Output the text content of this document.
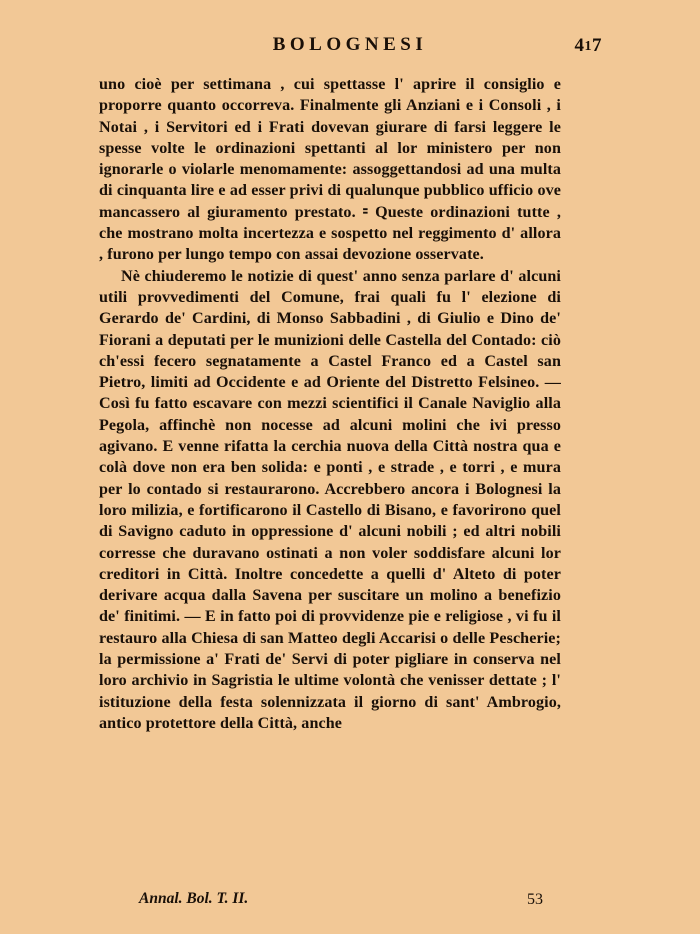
BOLOGNESI	417

uno cioè per settimana , cui spettasse l' aprire il consiglio e proporre quanto occorreva. Finalmente gli Anziani e i Consoli , i Notai , i Servitori ed i Frati dovevan giurare di farsi leggere le spesse volte le ordinazioni spettanti al lor ministero per non ignorarle o violarle menomamente: assoggettandosi ad una multa di cinquanta lire e ad esser privi di qualunque pubblico ufficio ove mancassero al giuramento prestato. ⹀ Queste ordinazioni tutte , che mostrano molta incertezza e sospetto nel reggimento d' allora , furono per lungo tempo con assai devozione osservate.

Nè chiuderemo le notizie di quest' anno senza parlare d' alcuni utili provvedimenti del Comune, frai quali fu l' elezione di Gerardo de' Cardini, di Monso Sabbadini , di Giulio e Dino de' Fiorani a deputati per le munizioni delle Castella del Contado: ciò ch'essi fecero segnatamente a Castel Franco ed a Castel san Pietro, limiti ad Occidente e ad Oriente del Distretto Felsineo. — Così fu fatto escavare con mezzi scientifici il Canale Naviglio alla Pegola, affinchè non nocesse ad alcuni molini che ivi presso agivano. E venne rifatta la cerchia nuova della Città nostra qua e colà dove non era ben solida: e ponti , e strade , e torri , e mura per lo contado si restaurarono. Accrebbero ancora i Bolognesi la loro milizia, e fortificarono il Castello di Bisano, e favorirono quel di Savigno caduto in oppressione d' alcuni nobili ; ed altri nobili corresse che duravano ostinati a non voler soddisfare alcuni lor creditori in Città. Inoltre concedette a quelli d' Alteto di poter derivare acqua dalla Savena per suscitare un molino a benefizio de' finitimi. — E in fatto poi di provvidenze pie e religiose , vi fu il restauro alla Chiesa di san Matteo degli Accarisi o delle Pescherie; la permissione a' Frati de' Servi di poter pigliare in conserva nel loro archivio in Sagristia le ultime volontà che venisser dettate ; l' istituzione della festa solennizzata il giorno di sant' Ambrogio, antico protettore della Città, anche

Annal. Bol. T. II.	53
